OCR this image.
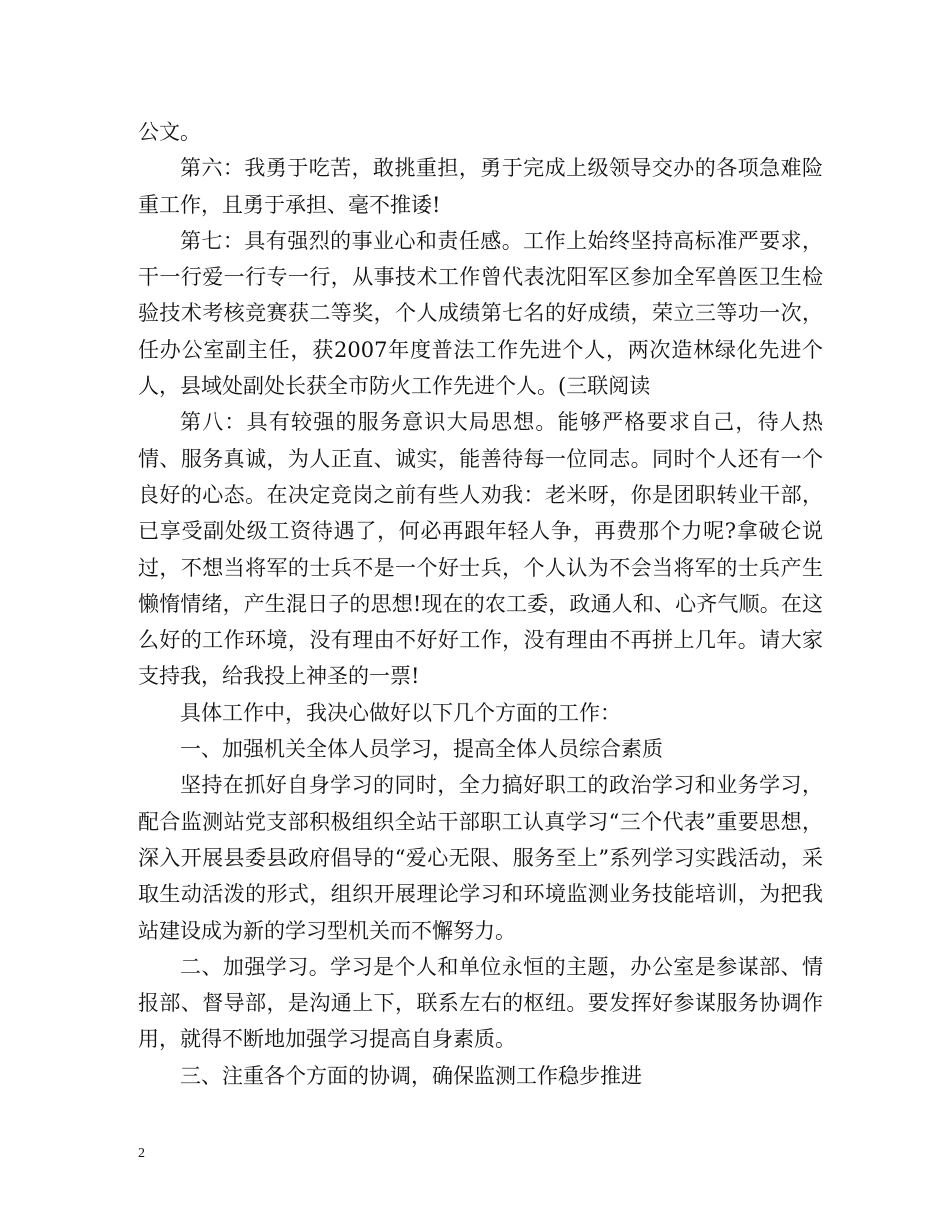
公文。

第六：我勇于吃苦，敢挑重担，勇于完成上级领导交办的各项急难险重工作，且勇于承担、毫不推诿!

第七：具有强烈的事业心和责任感。工作上始终坚持高标准严要求，干一行爱一行专一行，从事技术工作曾代表沈阳军区参加全军兽医卫生检验技术考核竞赛获二等奖，个人成绩第七名的好成绩，荣立三等功一次，任办公室副主任，获2007年度普法工作先进个人，两次造林绿化先进个人，县域处副处长获全市防火工作先进个人。(三联阅读

第八：具有较强的服务意识大局思想。能够严格要求自己，待人热情、服务真诚，为人正直、诚实，能善待每一位同志。同时个人还有一个良好的心态。在决定竞岗之前有些人劝我：老米呀，你是团职转业干部，已享受副处级工资待遇了，何必再跟年轻人争，再费那个力呢?拿破仑说过，不想当将军的士兵不是一个好士兵，个人认为不会当将军的士兵产生懒惰情绪，产生混日子的思想!现在的农工委，政通人和、心齐气顺。在这么好的工作环境，没有理由不好好工作，没有理由不再拼上几年。请大家支持我，给我投上神圣的一票!

具体工作中，我决心做好以下几个方面的工作：

一、加强机关全体人员学习，提高全体人员综合素质

坚持在抓好自身学习的同时，全力搞好职工的政治学习和业务学习，配合监测站党支部积极组织全站干部职工认真学习“三个代表”重要思想，深入开展县委县政府倡导的“爱心无限、服务至上”系列学习实践活动，采取生动活泼的形式，组织开展理论学习和环境监测业务技能培训，为把我站建设成为新的学习型机关而不懈努力。

二、加强学习。学习是个人和单位永恒的主题，办公室是参谋部、情报部、督导部，是沟通上下，联系左右的枢纽。要发挥好参谋服务协调作用，就得不断地加强学习提高自身素质。

三、注重各个方面的协调，确保监测工作稳步推进

2
